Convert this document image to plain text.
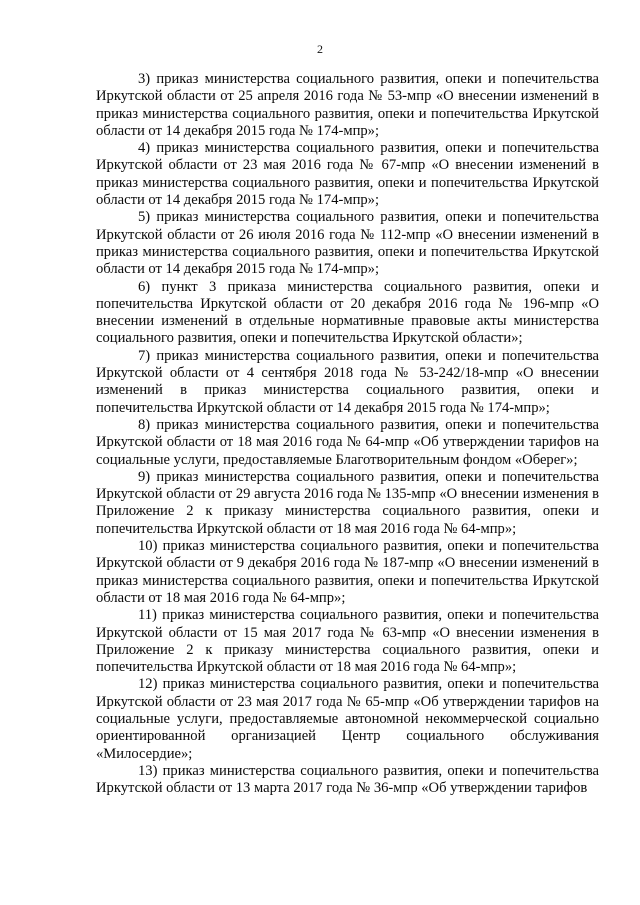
2

3) приказ министерства социального развития, опеки и попечительства Иркутской области от 25 апреля 2016 года № 53-мпр «О внесении изменений в приказ министерства социального развития, опеки и попечительства Иркутской области от 14 декабря 2015 года № 174-мпр»;

4) приказ министерства социального развития, опеки и попечительства Иркутской области от 23 мая 2016 года № 67-мпр «О внесении изменений в приказ министерства социального развития, опеки и попечительства Иркутской области от 14 декабря 2015 года № 174-мпр»;

5) приказ министерства социального развития, опеки и попечительства Иркутской области от 26 июля 2016 года № 112-мпр «О внесении изменений в приказ министерства социального развития, опеки и попечительства Иркутской области от 14 декабря 2015 года № 174-мпр»;

6) пункт 3 приказа министерства социального развития, опеки и попечительства Иркутской области от 20 декабря 2016 года № 196-мпр «О внесении изменений в отдельные нормативные правовые акты министерства социального развития, опеки и попечительства Иркутской области»;

7) приказ министерства социального развития, опеки и попечительства Иркутской области от 4 сентября 2018 года № 53-242/18-мпр «О внесении изменений в приказ министерства социального развития, опеки и попечительства Иркутской области от 14 декабря 2015 года № 174-мпр»;

8) приказ министерства социального развития, опеки и попечительства Иркутской области от 18 мая 2016 года № 64-мпр «Об утверждении тарифов на социальные услуги, предоставляемые Благотворительным фондом «Оберег»;

9) приказ министерства социального развития, опеки и попечительства Иркутской области от 29 августа 2016 года № 135-мпр «О внесении изменения в Приложение 2 к приказу министерства социального развития, опеки и попечительства Иркутской области от 18 мая 2016 года № 64-мпр»;

10) приказ министерства социального развития, опеки и попечительства Иркутской области от 9 декабря 2016 года № 187-мпр «О внесении изменений в приказ министерства социального развития, опеки и попечительства Иркутской области от 18 мая 2016 года № 64-мпр»;

11) приказ министерства социального развития, опеки и попечительства Иркутской области от 15 мая 2017 года № 63-мпр «О внесении изменения в Приложение 2 к приказу министерства социального развития, опеки и попечительства Иркутской области от 18 мая 2016 года № 64-мпр»;

12) приказ министерства социального развития, опеки и попечительства Иркутской области от 23 мая 2017 года № 65-мпр «Об утверждении тарифов на социальные услуги, предоставляемые автономной некоммерческой социально ориентированной организацией Центр социального обслуживания «Милосердие»;

13) приказ министерства социального развития, опеки и попечительства Иркутской области от 13 марта 2017 года № 36-мпр «Об утверждении тарифов
